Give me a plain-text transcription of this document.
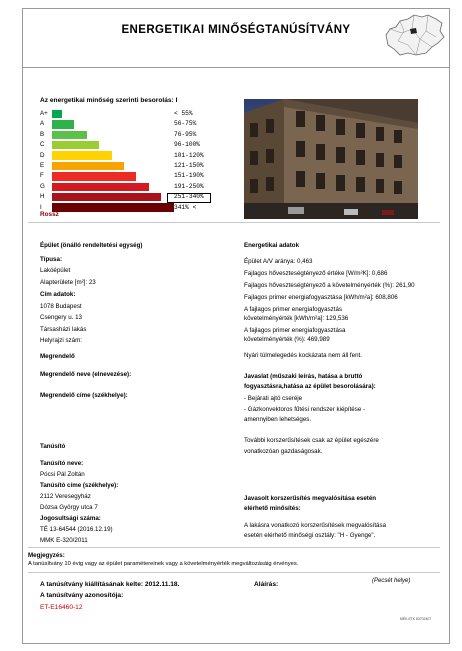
ENERGETIKAI MINŐSÉGTANÚSÍTVÁNY
Az energetikai minőség szerinti besorolás: I
A+	< 55%
A	56-75%
B	76-95%
C	96-100%
D	101-120%
E	121-150%
F	151-190%
G	191-250%
H	251-340%
I	341% <
Rossz
Épület (önálló rendeltetési egység)
Típusa:
Lakóépület
Alapterülete [m²]: 23
Cím adatok:
1078 Budapest
Csengery u. 13
Társasházi lakás
Helyrajzi szám:
Energetikai adatok
Épület A/V aránya: 0,463
Fajlagos hőveszteségtényező értéke [W/m²K]: 0,686
Fajlagos hőveszteségtényező a követelményérték (%): 261,90
Fajlagos primer energiafogyasztása [kWh/m²a]: 608,806
A fajlagos primer energiafogyasztás
követelményérték [kWh/m²a]: 129,536
A fajlagos primer energiafogyasztása
követelményérték (%): 469,989
Nyári túlmelegedés kockázata nem áll fent.
Megrendelő
Megrendelő neve (elnevezése):
Megrendelő címe (székhelye):
Javaslat (műszaki leírás, hatása a bruttó
fogyasztásra,hatása az épület besorolására):
- Bejárati ajtó cseréje
- Gázkonvektoros fűtési rendszer kiépítése -
amennyiben lehetséges.
További korszerűsítések csak az épület egészére
vonatkozóan gazdaságosak.
Tanúsító
Tanúsító neve:
Pócsi Pál Zoltán
Tanúsító címe (székhelye):
2112 Veresegyház
Dózsa György utca 7
Jogosultsági száma:
TÉ 13-64544 (2016.12.19)
MMK E-320/2011
Javasolt korszerűsítés megvalósítása esetén
elérhető minősítés:
A lakásra vonatkozó korszerűsítések megvalósítása
esetén elérhető minőségi osztály: "H - Gyenge".
Megjegyzés:
A tanúsítvány 10 évig vagy az épület paramétereinek vagy a követelményérték megváltozásáig érvényes.
A tanúsítvány kiállításának kelte: 2012.11.18.	Aláírás:	(Pecsét helye)
A tanúsítvány azonosítója:
ET-E16460-12
MÉK-ETK 83702407
